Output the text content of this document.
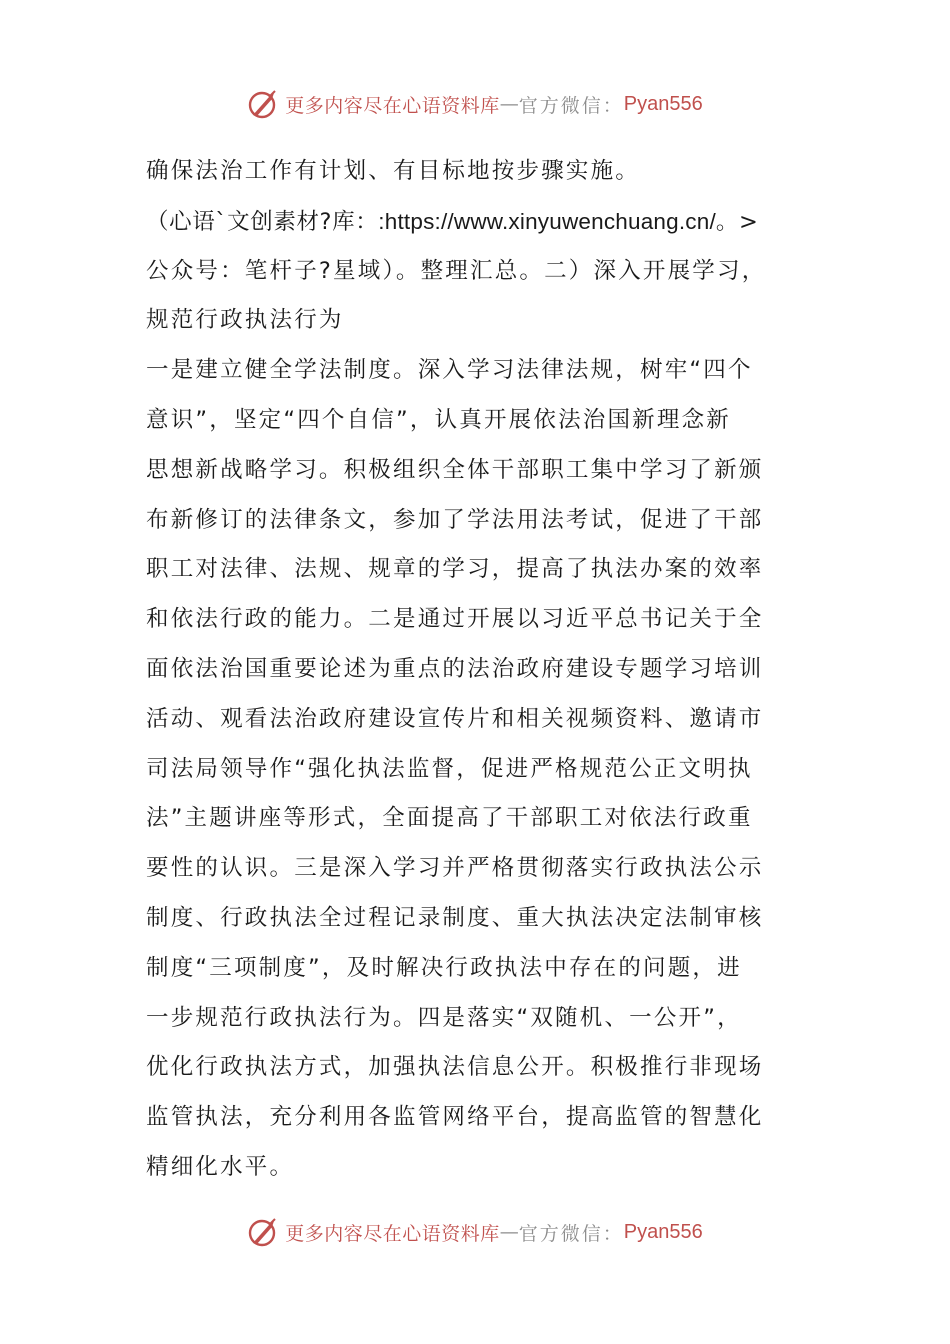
更多内容尽在心语资料库 — 官方微信： Pyan556
确保法治工作有计划、有目标地按步骤实施。
（心语`文创素材?库：:https://www.xinyuwenchuang.cn/。>
公众号：笔杆子?星域）。整理汇总。二）深入开展学习，
规范行政执法行为
一是建立健全学法制度。深入学习法律法规，树牢“四个
意识”，坚定“四个自信”，认真开展依法治国新理念新
思想新战略学习。积极组织全体干部职工集中学习了新颁
布新修订的法律条文，参加了学法用法考试，促进了干部
职工对法律、法规、规章的学习，提高了执法办案的效率
和依法行政的能力。二是通过开展以习近平总书记关于全
面依法治国重要论述为重点的法治政府建设专题学习培训
活动、观看法治政府建设宣传片和相关视频资料、邀请市
司法局领导作“强化执法监督，促进严格规范公正文明执
法”主题讲座等形式，全面提高了干部职工对依法行政重
要性的认识。三是深入学习并严格贯彻落实行政执法公示
制度、行政执法全过程记录制度、重大执法决定法制审核
制度“三项制度”，及时解决行政执法中存在的问题，进
一步规范行政执法行为。四是落实“双随机、一公开”，
优化行政执法方式，加强执法信息公开。积极推行非现场
监管执法，充分利用各监管网络平台，提高监管的智慧化
精细化水平。
更多内容尽在心语资料库 — 官方微信： Pyan556
